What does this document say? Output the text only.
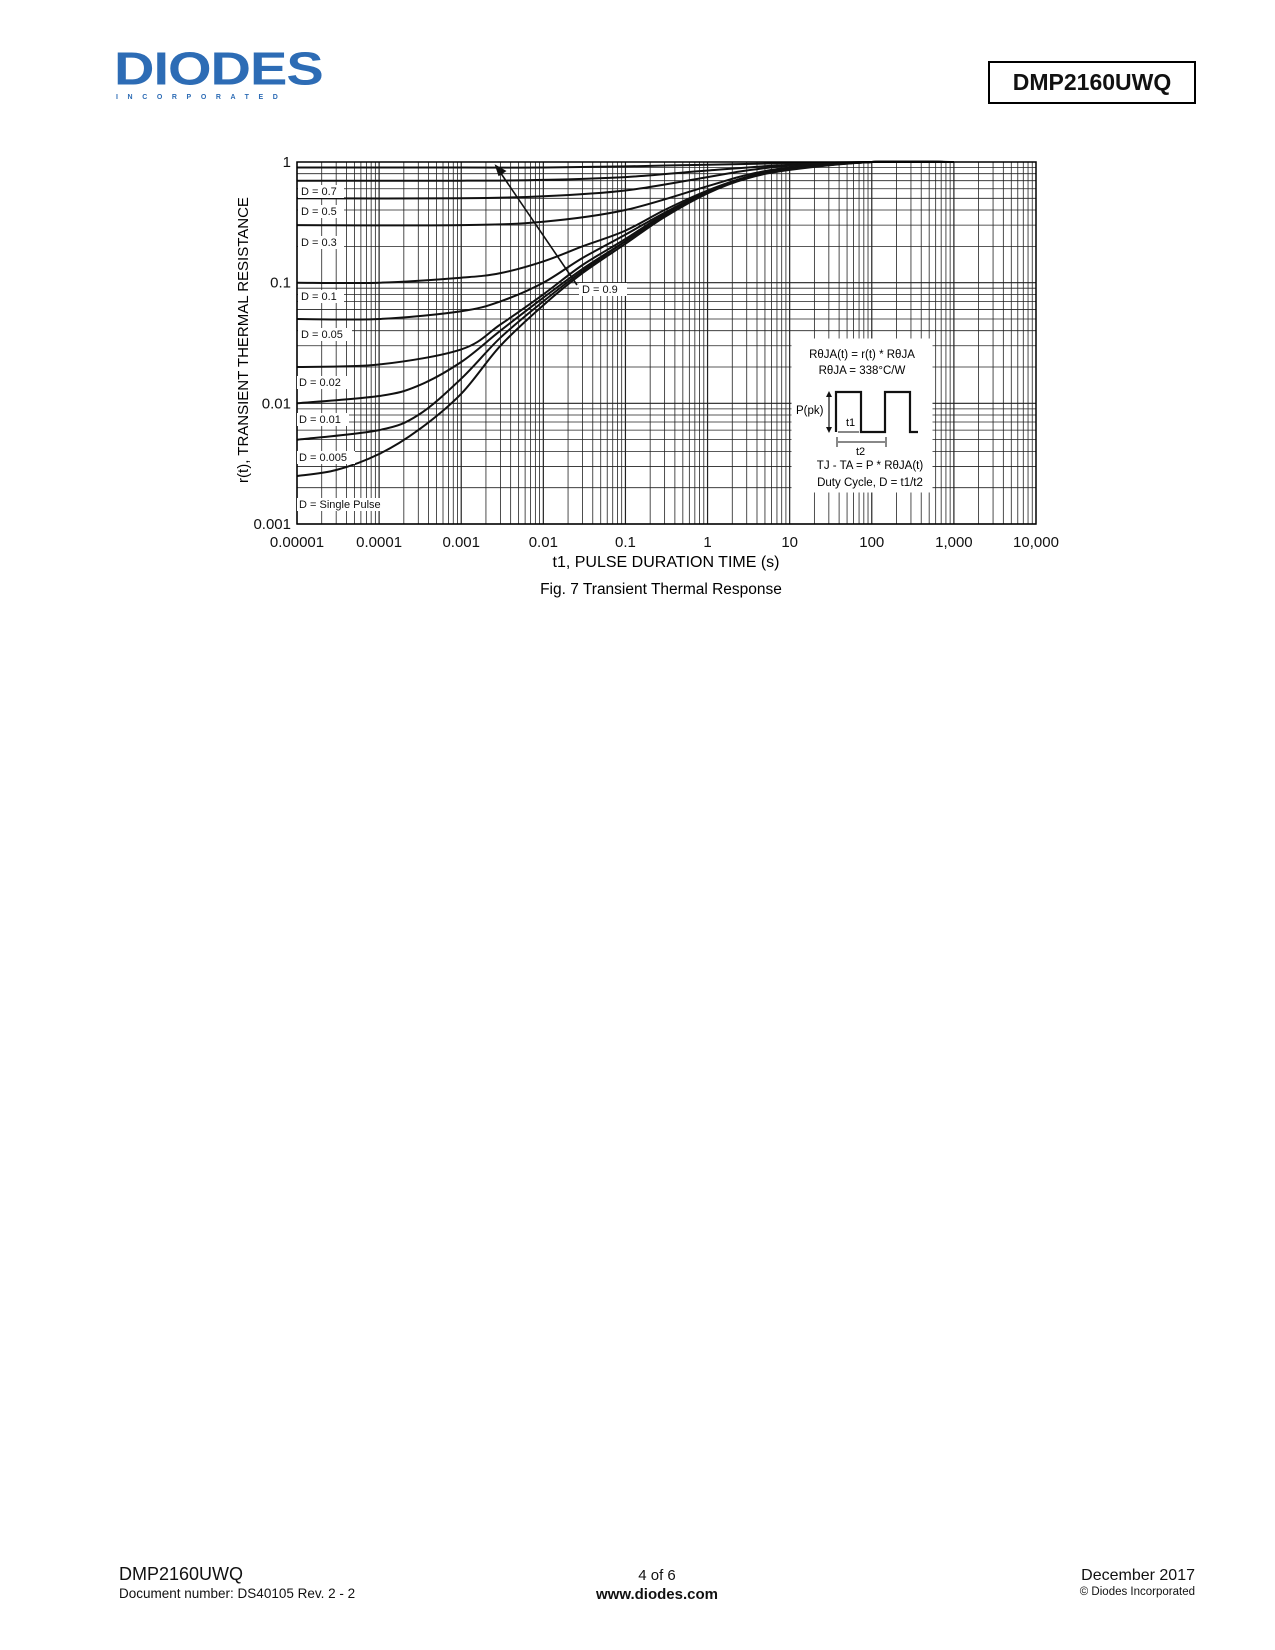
DIODES
INCORPORATED
DMP2160UWQ
0.00001 0.0001	0.001	0.01	0.1	1	10	100	1,000	10,000
0.001
0.01
0.1
1
D = 0.7
D = 0.5
D = 0.3
D = 0.1
D = 0.05
D = 0.02
D = 0.01
D = 0.005
D = Single Pulse
D = 0.9
RθJA(t) = r(t) * RθJA
RθJA = 338°C/W
P(pk)
t1
t2
TJ - TA = P * RθJA(t)
Duty Cycle, D = t1/t2
t1, PULSE DURATION TIME (s)
r(t), TRANSIENT THERMAL RESISTANCE
Fig. 7 Transient Thermal Response
DMP2160UWQ
Document number: DS40105 Rev. 2 - 2
4 of 6
www.diodes.com
December 2017
© Diodes Incorporated
